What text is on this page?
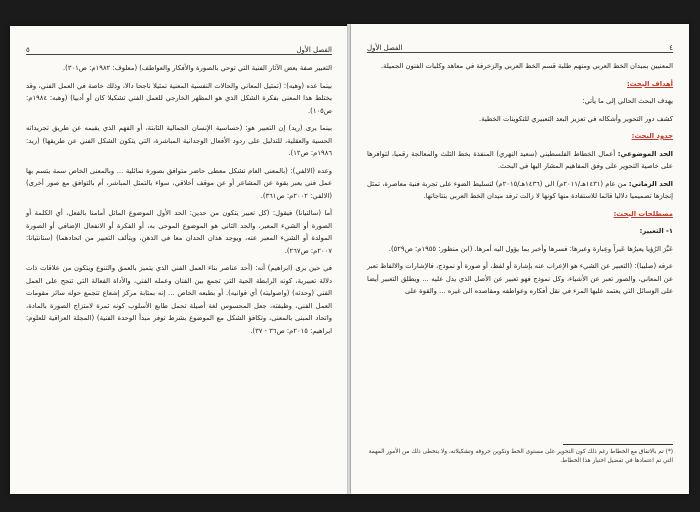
٥	الفصل الأول

التعبير صفة بعض الآثار الفنية التي توحي بالصورة والأفكار والعواطف) (معلوف: ١٩٨٢م: ص٣٠١).

بينما عده (وهبه): (تمثيل المعاني والحالات النفسية المعنية تمثيلا ناجحا دالا، وذلك خاصة في العمل الفني، وقد يختلط هذا المعنى بفكرة الشكل الذي هو المظهر الخارجي للعمل الفني تشكيلا كان أو أدبيا) (وهبه: ١٩٨٤م: ص١٠٥).

بينما يرى (ريد) إن التعبير هو: (حساسية الإنسان الجمالية الثابتة، أو الفهم الذي يقيمه عن طريق تجريداته الحسية والعقلية، للتدليل على ردود الأفعال الوجدانية المباشرة، التي يتكون الشكل الفني عن طريقها) (ريد: ١٩٨٦م: ص١٢).

وعده (الالفي): (بالمعنى العام تشكل معطى حاضر متوافق بصورة نمائلية ... وبالمعنى الخاص سمة يتسم بها عمل فني يعبر بقوة عن المشاعر أو عن موقف أخلاقي، سواء بالتمثل المباشر، أم بالتوافق مع صور أخرى) (الالفي: ٢٠٠٢م: ص٣٦١).

أما (سالتيانا) فيقول: (كل تعبير يتكون من حدين: الحد الأول الموضوع الماثل أمامنا بالفعل، أي الكلمة أو الصورة أو الشيء المعبر، والحد الثاني هو الموضوع الموحى به، أو الفكرة أو الانفعال الإضافي أو الصورة المولدة أو الشيء المعبر عنه، ويوجد هذان الحدان معا في الذهن، ويتألف التعبير من اتحادهما) (ستانتيانا: ٢٠٠٧م: ص٢٦٧).

في حين يرى (ابراهيم) أنه: (أحد عناصر بناء العمل الفني الذي يتميز بالعمق والتنوع ويتكون من علاقات ذات دلالة تعبيرية، كونه الرابطة الحية التي تجمع بين الفنان وعمله الفني، والأداة الفعالة التي تنجح على العمل الفني (وحدته) (واصوليته) أي قوانيه). أو بطبعه الخاص ... إنه بمثابة مركز إشعاع تتجمع حوله سائر مقومات العمل الفني، وظيفته، جعل المحسوس لغة أصيلة تحمل طابع الأسلوب كونه ثمرة لامتزاج الصورة بالمادة، واتحاد المبنى بالمعنى، وتكافؤ الشكل مع الموضوع بشرط توفر مبدأ الوحدة الفنية) (المجلة العراقية للعلوم: ابراهيم: ٢٠١٥م: ص٣٦ - ٣٧).

الفصل الأول	٤

المعنيين بميدان الخط العربي ومنهم طلبة قسم الخط العربي والزخرفة في معاهد وكليات الفنون الجميلة.

أهداف البحث:

يهدف البحث الحالي إلى ما يأتي:

كشف دور التحوير وأشكاله في تعزيز البعد التعبيري للتكوينات الخطية.

حدود البحث:

الحد الموضوعي: أعمال الخطاط الفلسطيني (سعيد النهري) المنفذة بخط الثلث والمعالجة رقميا، لتوافرها على خاصية التحوير على وفق المفاهيم المشار اليها في البحث.

الحد الزماني: من عام (١٤٣١هـ/٢٠١١م) الى (١٤٣٦هـ/٢٠١٥م) لتسليط الضوء على تجربة فنية معاصرة، تمثل إنجازها تصميميا دلاليا قائما للاستفادة منها كونها لا زالت ترفد ميدان الخط العربي بنتاجاتها.

مصطلحات البحث:

١- التعبير:

عَبَّرَ الرُؤيا يعبرُها عَبراً وعِبارة وعبرها: فسرها وأخبر بما يؤول اليه أمرها. (ابن منظور: ١٩٥٥م: ص٥٢٩).

عرفه (صليبا): (التعبير عن الشيء هو الإعراب عنه بإشارة أو لفظ، أو صورة أو نموذج، فالإشارات والالفاظ تعبر عن المعاني، والصور تعبر عن الأشياء، وكل نموذج فهو تعبير عن الأصل الذي يدل عليه ... ويطلق التعبير أيضا على الوسائل التي يعتمد عليها المرء في نقل أفكاره وعواطفه ومقاصده الى غيره ... والقوة على

(*) تم بالاتفاق مع الخطاط رغم ذلك كون التحوير على مستوى الخط وتكوين حروفه وتشكيلاته، ولا يتخطى ذلك من الأمور المهمة التي تم اعتمادها في تفضيل اختيار هذا الخطاط.
